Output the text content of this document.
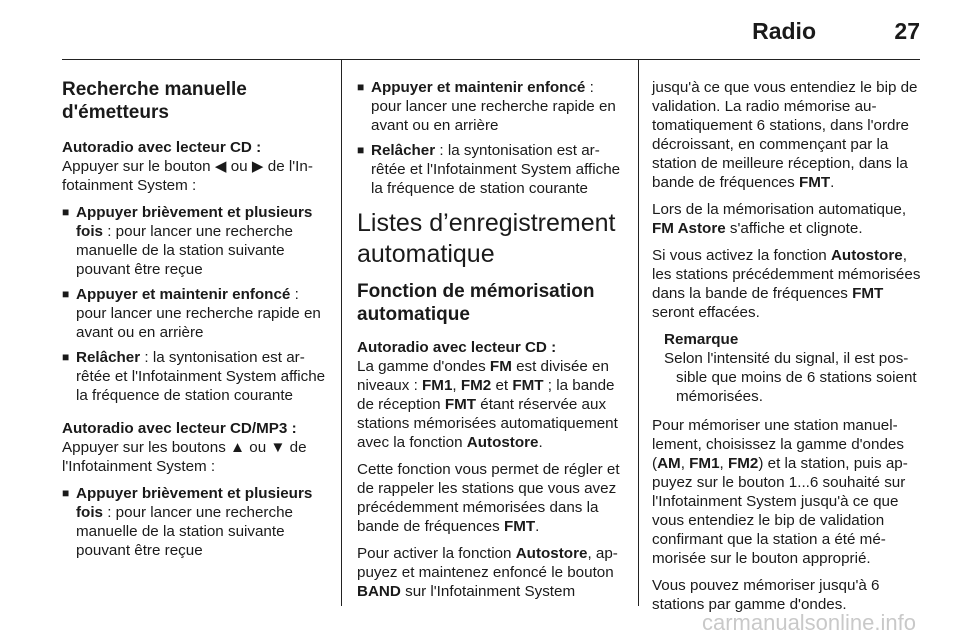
Radio	27
Recherche manuelle d'émetteurs

Autoradio avec lecteur CD :

Appuyer sur le bouton ◀ ou ▶ de l'Infotainment System :

■ Appuyer brièvement et plusieurs fois : pour lancer une recherche manuelle de la station suivante pouvant être reçue
■ Appuyer et maintenir enfoncé : pour lancer une recherche rapide en avant ou en arrière
■ Relâcher : la syntonisation est arrêtée et l'Infotainment System affiche la fréquence de station courante

Autoradio avec lecteur CD/MP3 :

Appuyer sur les boutons ▲ ou ▼ de l'Infotainment System :

■ Appuyer brièvement et plusieurs fois : pour lancer une recherche manuelle de la station suivante pouvant être reçue
■ Appuyer et maintenir enfoncé : pour lancer une recherche rapide en avant ou en arrière
■ Relâcher : la syntonisation est arrêtée et l'Infotainment System affiche la fréquence de station courante
Listes d’enregistrement automatique
Fonction de mémorisation automatique

Autoradio avec lecteur CD :

La gamme d'ondes FM est divisée en niveaux : FM1, FM2 et FMT ; la bande de réception FMT étant réservée aux stations mémorisées automatiquement avec la fonction Autostore.

Cette fonction vous permet de régler et de rappeler les stations que vous avez précédemment mémorisées dans la bande de fréquences FMT.

Pour activer la fonction Autostore, appuyez et maintenez enfoncé le bouton BAND sur l'Infotainment System

jusqu'à ce que vous entendiez le bip de validation. La radio mémorise automatiquement 6 stations, dans l'ordre décroissant, en commençant par la station de meilleure réception, dans la bande de fréquences FMT.

Lors de la mémorisation automatique, FM Astore s'affiche et clignote.

Si vous activez la fonction Autostore, les stations précédemment mémorisées dans la bande de fréquences FMT seront effacées.

Remarque
Selon l'intensité du signal, il est possible que moins de 6 stations soient mémorisées.

Pour mémoriser une station manuellement, choisissez la gamme d'ondes (AM, FM1, FM2) et la station, puis appuyez sur le bouton 1...6 souhaité sur l'Infotainment System jusqu'à ce que vous entendiez le bip de validation confirmant que la station a été mémorisée sur le bouton approprié.

Vous pouvez mémoriser jusqu'à 6 stations par gamme d'ondes.

carmanualsonline.info
